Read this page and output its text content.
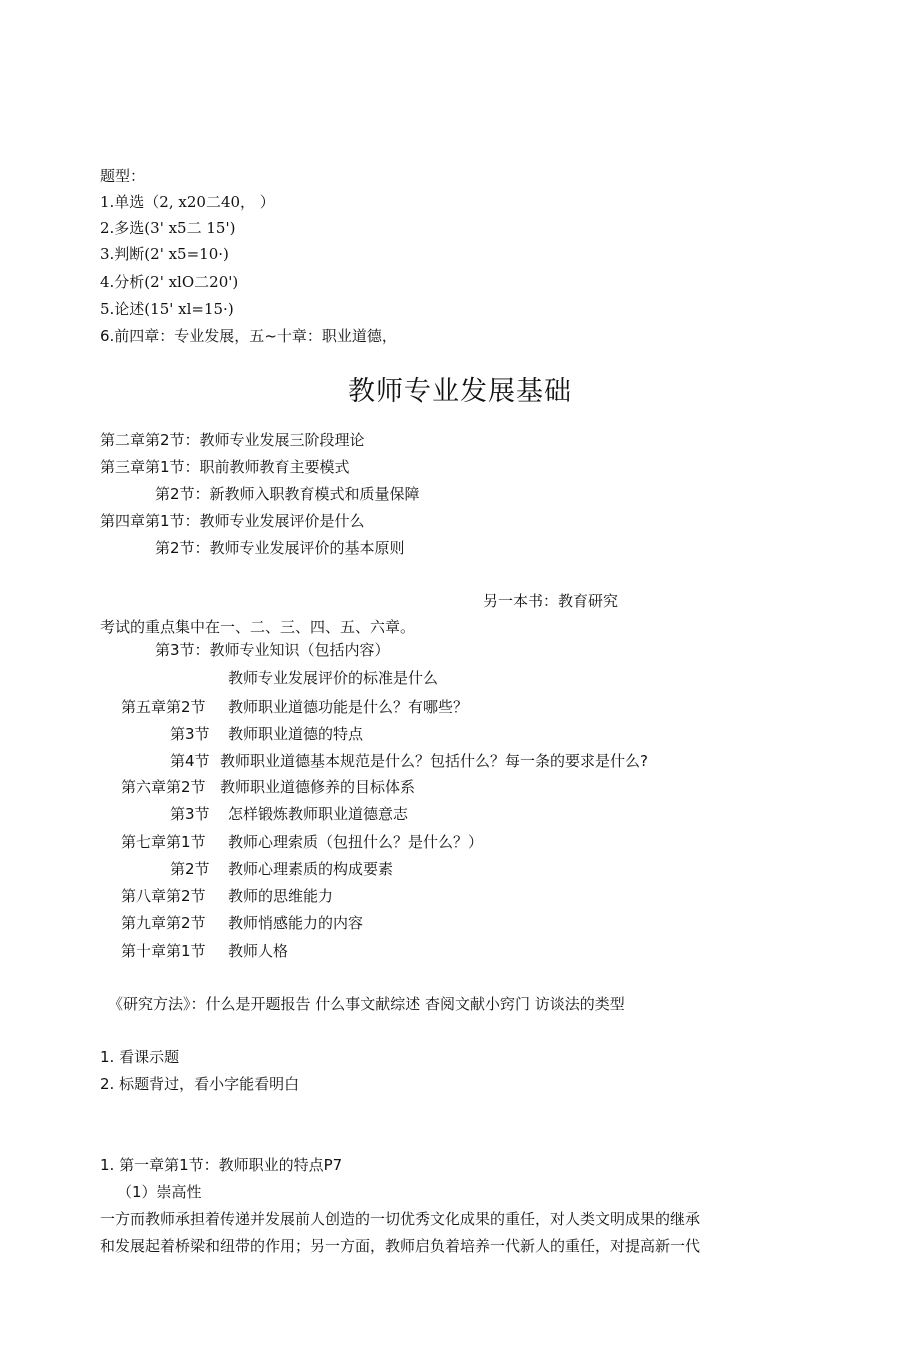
题型：
1.单选（2, x20二40， ）
2.多选(3' x5二 15')
3.判断(2' x5=10·)
4.分析(2' xlO二20')
5.论述(15' xl=15·)
6.前四章：专业发展，五~十章：职业道德，
教师专业发展基础
第二章第2节：教师专业发展三阶段理论
第三章第1节：职前教师教育主要模式
第2节：新教师入职教育模式和质量保障
第四章第1节：教师专业发展评价是什么
第2节：教师专业发展评价的基本原则
另一本书：教育研究
考试的重点集中在一、二、三、四、五、六章。
第3节：教师专业知识（包括内容）
教师专业发展评价的标准是什么
第五章第2节 教师职业道德功能是什么？有哪些？
第3节 教师职业道德的特点
第4节 教师职业道德基本规范是什么？包括什么？每一条的要求是什么?
第六章第2节 教师职业道德修养的目标体系
第3节 怎样锻炼教师职业道德意志
第七章第1节 教师心理索质（包扭什么？是什么？）
第2节 教师心理素质的构成要素
第八章第2节 教师的思维能力
第九章第2节 教师悄感能力的内容
第十章第1节 教师人格
《研究方法》：什么是开题报告 什么事文献综述 杳阅文献小窍门 访谈法的类型
1. 看课示题
2. 标题背过，看小字能看明白
1. 第一章第1节：教师职业的特点P7
（1）崇高性
一方而教师承担着传递并发展前人创造的一切优秀文化成果的重任，对人类文明成果的继承
和发展起着桥梁和纽带的作用；另一方面，教师启负着培养一代新人的重任，对提高新一代
